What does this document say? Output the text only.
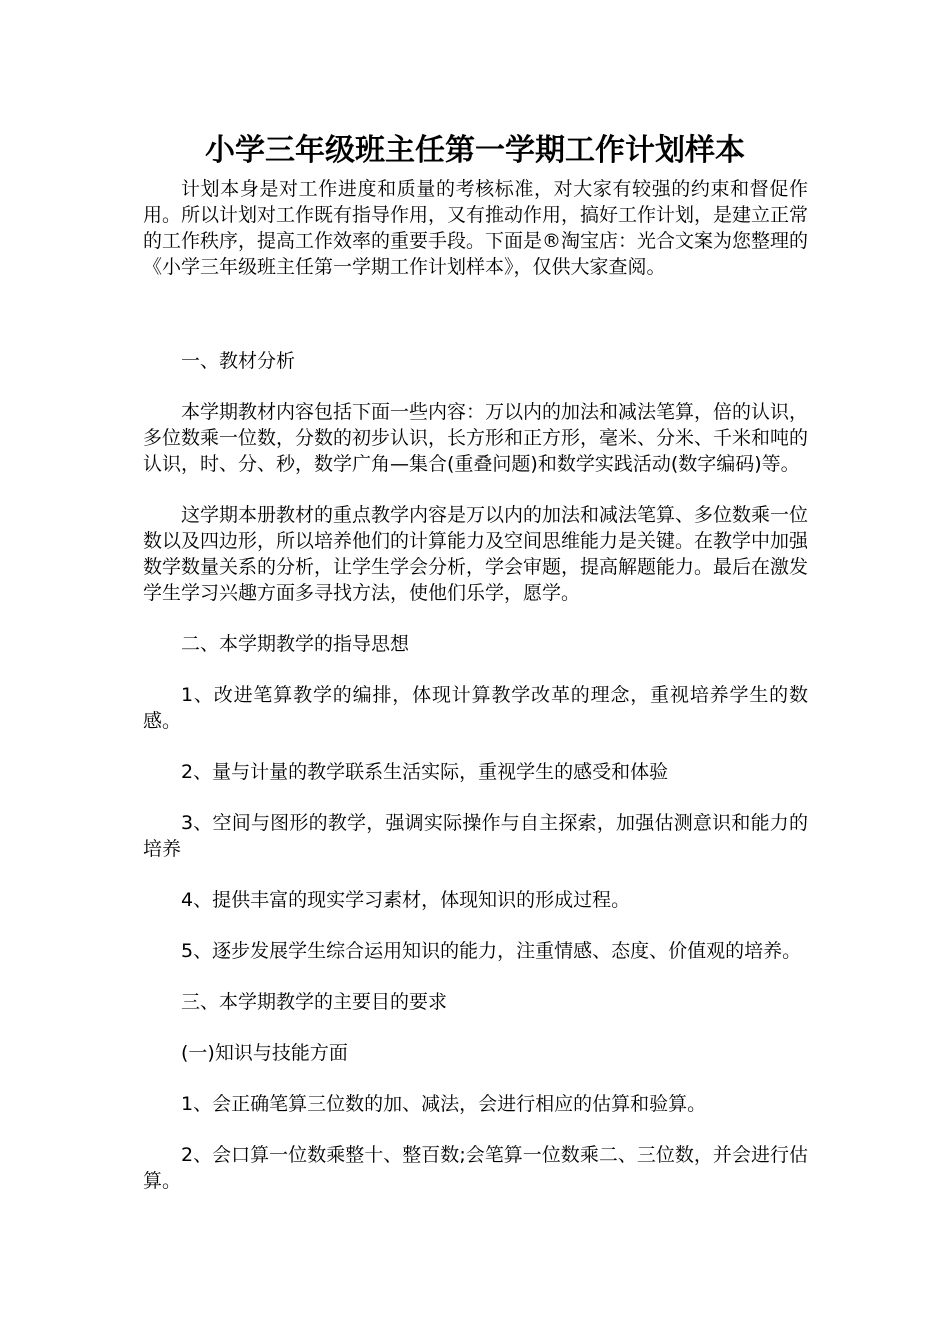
小学三年级班主任第一学期工作计划样本

计划本身是对工作进度和质量的考核标准，对大家有较强的约束和督促作用。所以计划对工作既有指导作用，又有推动作用，搞好工作计划，是建立正常的工作秩序，提高工作效率的重要手段。下面是®淘宝店：光合文案为您整理的《小学三年级班主任第一学期工作计划样本》，仅供大家查阅。

一、教材分析

本学期教材内容包括下面一些内容：万以内的加法和减法笔算，倍的认识，多位数乘一位数，分数的初步认识，长方形和正方形，毫米、分米、千米和吨的认识，时、分、秒，数学广角—集合(重叠问题)和数学实践活动(数字编码)等。

这学期本册教材的重点教学内容是万以内的加法和减法笔算、多位数乘一位数以及四边形，所以培养他们的计算能力及空间思维能力是关键。在教学中加强数学数量关系的分析，让学生学会分析，学会审题，提高解题能力。最后在激发学生学习兴趣方面多寻找方法，使他们乐学，愿学。

二、本学期教学的指导思想

1、改进笔算教学的编排，体现计算教学改革的理念，重视培养学生的数感。

2、量与计量的教学联系生活实际，重视学生的感受和体验

3、空间与图形的教学，强调实际操作与自主探索，加强估测意识和能力的培养

4、提供丰富的现实学习素材，体现知识的形成过程。

5、逐步发展学生综合运用知识的能力，注重情感、态度、价值观的培养。

三、本学期教学的主要目的要求

(一)知识与技能方面

1、会正确笔算三位数的加、减法，会进行相应的估算和验算。

2、会口算一位数乘整十、整百数;会笔算一位数乘二、三位数，并会进行估算。
